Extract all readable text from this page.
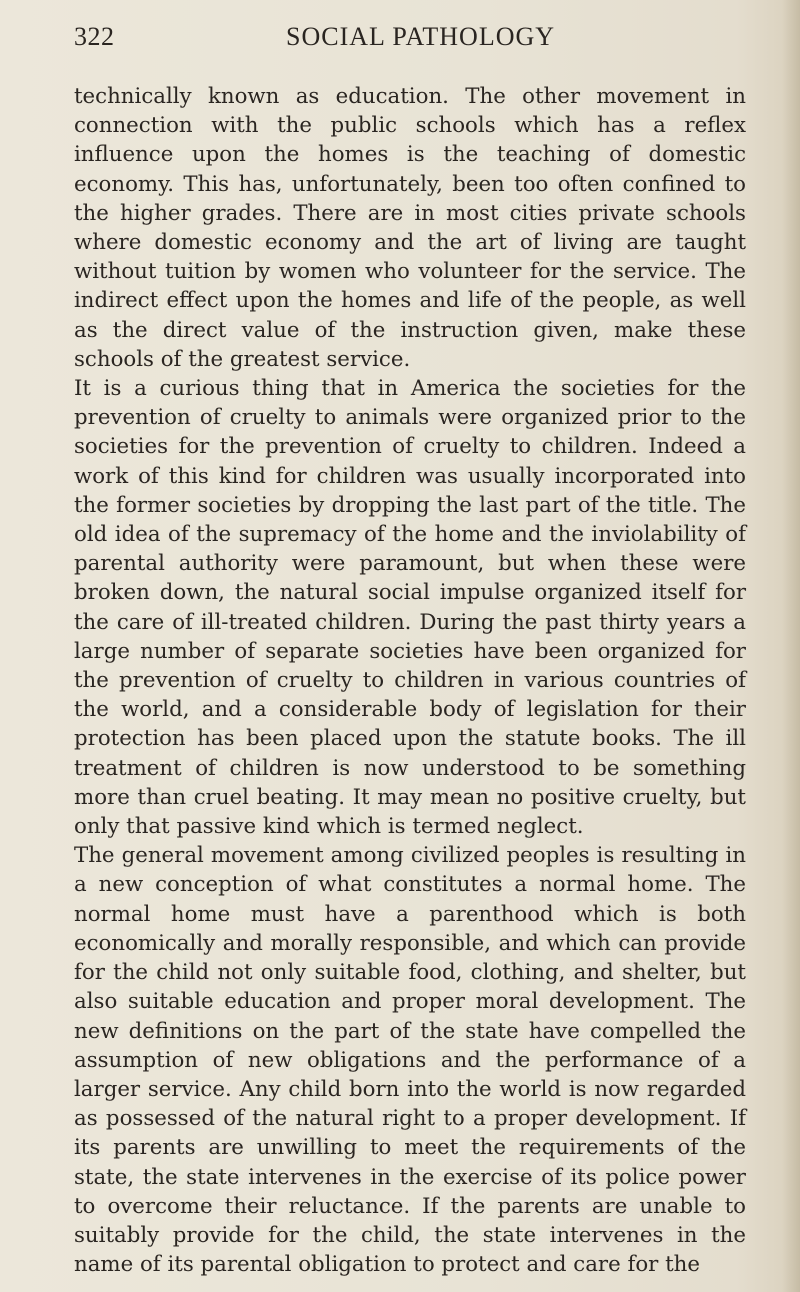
322	SOCIAL PATHOLOGY

technically known as education. The other movement in connection with the public schools which has a reflex influence upon the homes is the teaching of domestic economy. This has, unfortunately, been too often confined to the higher grades. There are in most cities private schools where domestic economy and the art of living are taught without tuition by women who volunteer for the service. The indirect effect upon the homes and life of the people, as well as the direct value of the instruction given, make these schools of the greatest service.

It is a curious thing that in America the societies for the prevention of cruelty to animals were organized prior to the societies for the prevention of cruelty to children. Indeed a work of this kind for children was usually incorporated into the former societies by dropping the last part of the title. The old idea of the supremacy of the home and the inviolability of parental authority were paramount, but when these were broken down, the natural social impulse organized itself for the care of ill-treated children. During the past thirty years a large number of separate societies have been organized for the prevention of cruelty to children in various countries of the world, and a considerable body of legislation for their protection has been placed upon the statute books. The ill treatment of children is now understood to be something more than cruel beating. It may mean no positive cruelty, but only that passive kind which is termed neglect.

The general movement among civilized peoples is resulting in a new conception of what constitutes a normal home. The normal home must have a parenthood which is both economically and morally responsible, and which can provide for the child not only suitable food, clothing, and shelter, but also suitable education and proper moral development. The new definitions on the part of the state have compelled the assumption of new obligations and the performance of a larger service. Any child born into the world is now regarded as possessed of the natural right to a proper development. If its parents are unwilling to meet the requirements of the state, the state intervenes in the exercise of its police power to overcome their reluctance. If the parents are unable to suitably provide for the child, the state intervenes in the name of its parental obligation to protect and care for the
